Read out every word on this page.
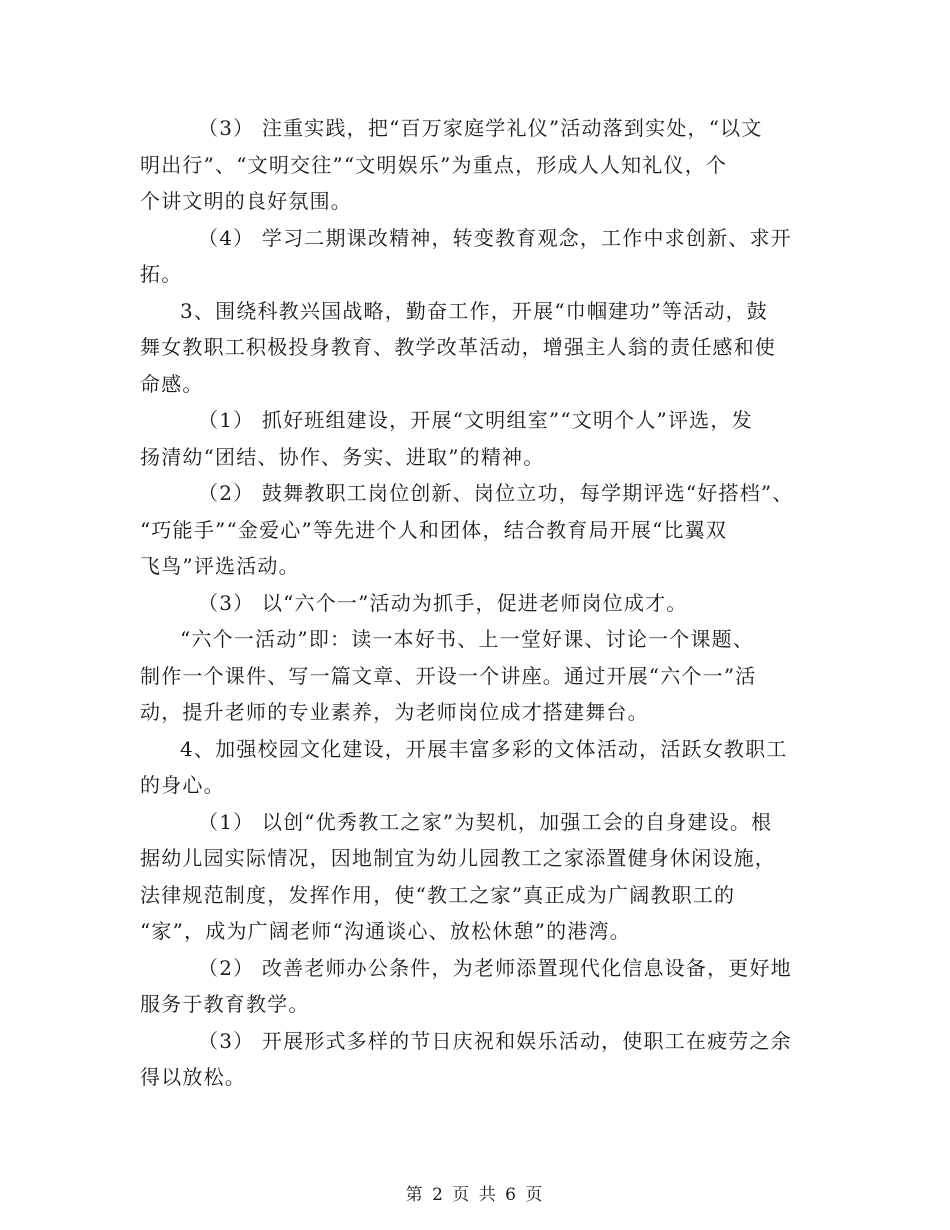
（3） 注重实践，把“百万家庭学礼仪”活动落到实处，“以文
明出行”、“文明交往”“文明娱乐”为重点，形成人人知礼仪，个
个讲文明的良好氛围。

（4） 学习二期课改精神，转变教育观念，工作中求创新、求开
拓。

3、围绕科教兴国战略，勤奋工作，开展“巾帼建功”等活动，鼓
舞女教职工积极投身教育、教学改革活动，增强主人翁的责任感和使
命感。

（1） 抓好班组建设，开展“文明组室”“文明个人”评选，发
扬清幼“团结、协作、务实、进取”的精神。

（2） 鼓舞教职工岗位创新、岗位立功，每学期评选“好搭档”、
“巧能手”“金爱心”等先进个人和团体，结合教育局开展“比翼双
飞鸟”评选活动。

（3） 以“六个一”活动为抓手，促进老师岗位成才。

“六个一活动”即：读一本好书、上一堂好课、讨论一个课题、
制作一个课件、写一篇文章、开设一个讲座。通过开展“六个一”活
动，提升老师的专业素养，为老师岗位成才搭建舞台。

4、加强校园文化建设，开展丰富多彩的文体活动，活跃女教职工
的身心。

（1） 以创“优秀教工之家”为契机，加强工会的自身建设。根
据幼儿园实际情况，因地制宜为幼儿园教工之家添置健身休闲设施，
法律规范制度，发挥作用，使“教工之家”真正成为广阔教职工的
“家”，成为广阔老师“沟通谈心、放松休憩”的港湾。

（2） 改善老师办公条件，为老师添置现代化信息设备，更好地
服务于教育教学。

（3） 开展形式多样的节日庆祝和娱乐活动，使职工在疲劳之余
得以放松。

第 2 页 共 6 页
